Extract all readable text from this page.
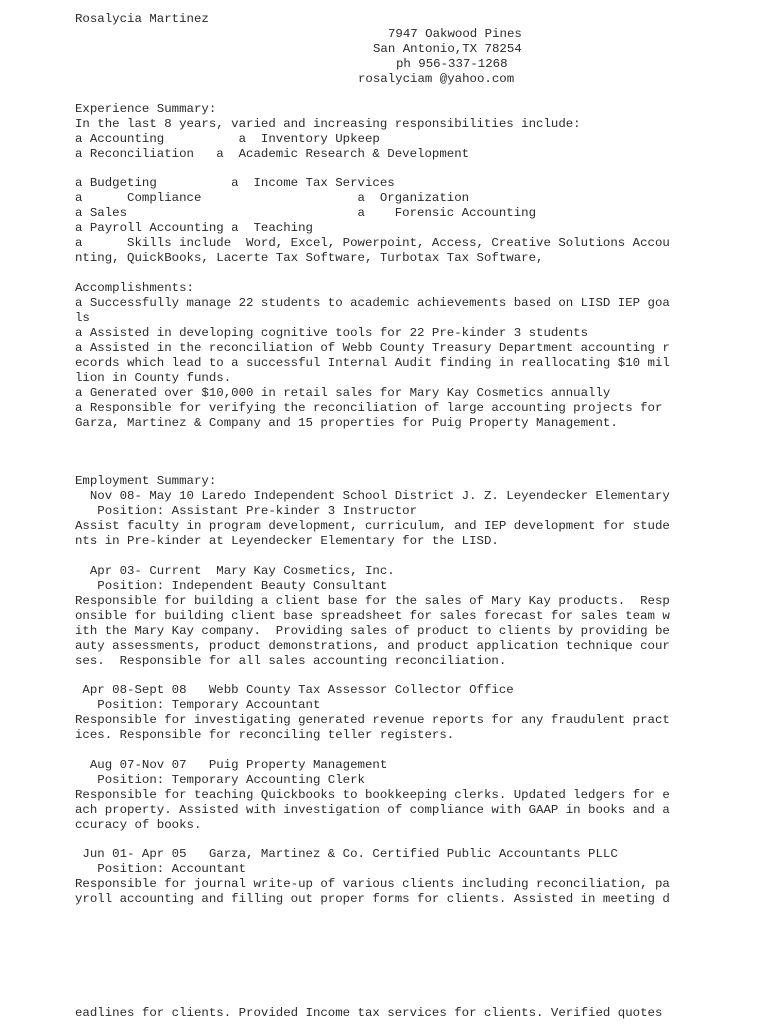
Rosalycia Martinez
7947 Oakwood Pines
San Antonio,TX 78254
ph 956-337-1268
rosalyciam @yahoo.com
Experience Summary:
In the last 8 years, varied and increasing responsibilities include:
a Accounting          a  Inventory Upkeep
a Reconciliation   a  Academic Research & Development
a Budgeting          a  Income Tax Services
a      Compliance                     a  Organization
a Sales                               a    Forensic Accounting
a Payroll Accounting a  Teaching
a      Skills include  Word, Excel, Powerpoint, Access, Creative Solutions Accou
nting, QuickBooks, Lacerte Tax Software, Turbotax Tax Software,
Accomplishments:
a Successfully manage 22 students to academic achievements based on LISD IEP goa
ls
a Assisted in developing cognitive tools for 22 Pre-kinder 3 students
a Assisted in the reconciliation of Webb County Treasury Department accounting r
ecords which lead to a successful Internal Audit finding in reallocating $10 mil
lion in County funds.
a Generated over $10,000 in retail sales for Mary Kay Cosmetics annually
a Responsible for verifying the reconciliation of large accounting projects for
Garza, Martinez & Company and 15 properties for Puig Property Management.
Employment Summary:
Nov 08- May 10 Laredo Independent School District J. Z. Leyendecker Elementary
Position: Assistant Pre-kinder 3 Instructor
Assist faculty in program development, curriculum, and IEP development for stude
nts in Pre-kinder at Leyendecker Elementary for the LISD.
Apr 03- Current  Mary Kay Cosmetics, Inc.
Position: Independent Beauty Consultant
Responsible for building a client base for the sales of Mary Kay products.  Resp
onsible for building client base spreadsheet for sales forecast for sales team w
ith the Mary Kay company.  Providing sales of product to clients by providing be
auty assessments, product demonstrations, and product application technique cour
ses.  Responsible for all sales accounting reconciliation.
Apr 08-Sept 08   Webb County Tax Assessor Collector Office
Position: Temporary Accountant
Responsible for investigating generated revenue reports for any fraudulent pract
ices. Responsible for reconciling teller registers.
Aug 07-Nov 07   Puig Property Management
Position: Temporary Accounting Clerk
Responsible for teaching Quickbooks to bookkeeping clerks. Updated ledgers for e
ach property. Assisted with investigation of compliance with GAAP in books and a
ccuracy of books.
Jun 01- Apr 05   Garza, Martinez & Co. Certified Public Accountants PLLC
Position: Accountant
Responsible for journal write-up of various clients including reconciliation, pa
yroll accounting and filling out proper forms for clients. Assisted in meeting d
eadlines for clients. Provided Income tax services for clients. Verified quotes
